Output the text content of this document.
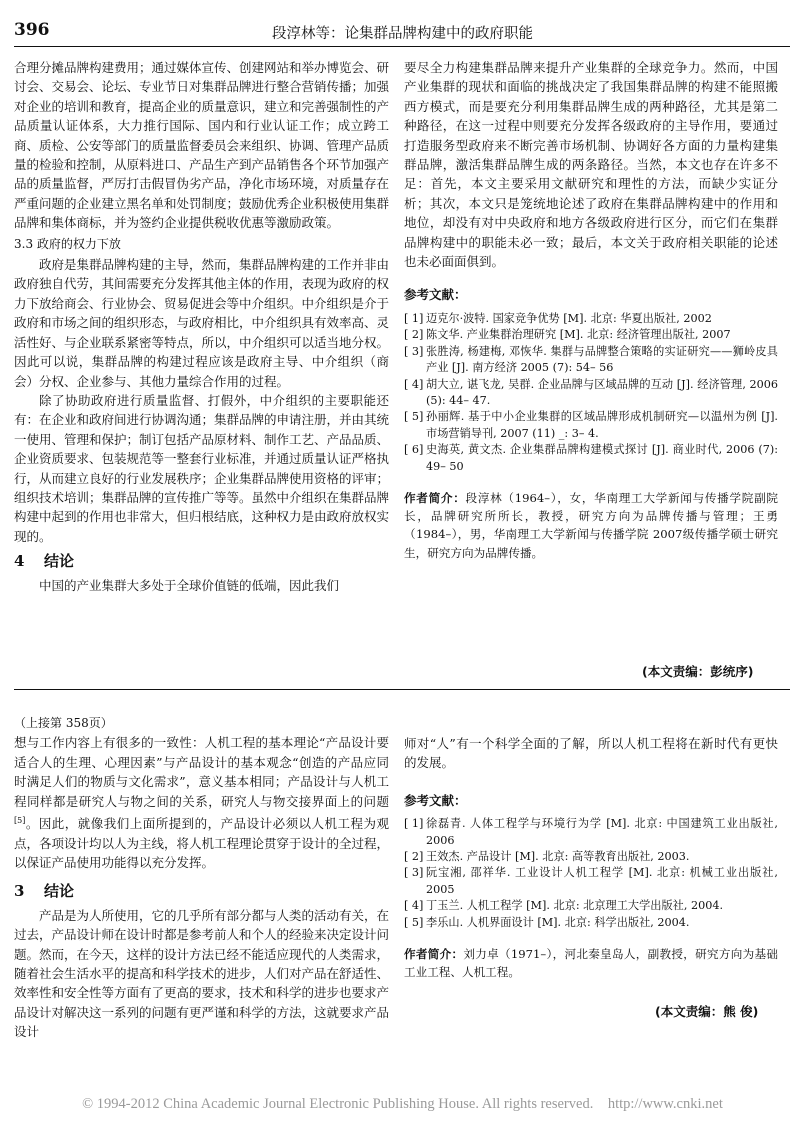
396	段淳林等：论集群品牌构建中的政府职能

合理分摊品牌构建费用；通过媒体宣传、创建网站和举办博览会、研讨会、交易会、论坛、专业节日对集群品牌进行整合营销传播；加强对企业的培训和教育，提高企业的质量意识，建立和完善强制性的产品质量认证体系，大力推行国际、国内和行业认证工作；成立跨工商、质检、公安等部门的质量监督委员会来组织、协调、管理产品质量的检验和控制，从原料进口、产品生产到产品销售各个环节加强产品的质量监督，严厉打击假冒伪劣产品，净化市场环境，对质量存在严重问题的企业建立黑名单和处罚制度；鼓励优秀企业积极使用集群品牌和集体商标，并为签约企业提供税收优惠等激励政策。

3.3 政府的权力下放

政府是集群品牌构建的主导，然而，集群品牌构建的工作并非由政府独自代劳，其间需要充分发挥其他主体的作用，表现为政府的权力下放给商会、行业协会、贸易促进会等中介组织。中介组织是介于政府和市场之间的组织形态，与政府相比，中介组织具有效率高、灵活性好、与企业联系紧密等特点，所以，中介组织可以适当地分权。因此可以说，集群品牌的构建过程应该是政府主导、中介组织（商会）分权、企业参与、其他力量综合作用的过程。

除了协助政府进行质量监督、打假外，中介组织的主要职能还有：在企业和政府间进行协调沟通；集群品牌的申请注册，并由其统一使用、管理和保护；制订包括产品原材料、制作工艺、产品品质、企业资质要求、包装规范等一整套行业标准，并通过质量认证严格执行，从而建立良好的行业发展秩序；企业集群品牌使用资格的评审；组织技术培训；集群品牌的宣传推广等等。虽然中介组织在集群品牌构建中起到的作用也非常大，但归根结底，这种权力是由政府放权实现的。

4 结论

中国的产业集群大多处于全球价值链的低端，因此我们

要尽全力构建集群品牌来提升产业集群的全球竞争力。然而，中国产业集群的现状和面临的挑战决定了我国集群品牌的构建不能照搬西方模式，而是要充分利用集群品牌生成的两种路径，尤其是第二种路径，在这一过程中则要充分发挥各级政府的主导作用，要通过打造服务型政府来不断完善市场机制、协调好各方面的力量构建集群品牌，激活集群品牌生成的两条路径。当然，本文也存在许多不足：首先，本文主要采用文献研究和理性的方法，而缺少实证分析；其次，本文只是笼统地论述了政府在集群品牌构建中的作用和地位，却没有对中央政府和地方各级政府进行区分，而它们在集群品牌构建中的职能未必一致；最后，本文关于政府相关职能的论述也未必面面俱到。

参考文献：
[ 1] 迈克尔·波特. 国家竞争优势 [M]. 北京: 华夏出版社, 2002
[ 2] 陈文华. 产业集群治理研究 [M]. 北京: 经济管理出版社, 2007
[ 3] 张胜涛, 杨建梅, 邓恢华. 集群与品牌整合策略的实证研究——狮岭皮具产业 [J]. 南方经济 2005 (7): 54– 56
[ 4] 胡大立, 谌飞龙, 吴群. 企业品牌与区域品牌的互动 [J]. 经济管理, 2006 (5): 44– 47.
[ 5] 孙丽辉. 基于中小企业集群的区域品牌形成机制研究—以温州为例 [J]. 市场营销导刊, 2007 (11) _: 3– 4.
[ 6] 史海英, 黄文杰. 企业集群品牌构建模式探讨 [J]. 商业时代, 2006 (7): 49– 50
作者简介：段淳林（1964–），女，华南理工大学新闻与传播学院副院长，品牌研究所所长，教授，研究方向为品牌传播与管理；王勇（1984–），男，华南理工大学新闻与传播学院 2007级传播学硕士研究生，研究方向为品牌传播。
(本文责编：彭统序)
（上接第 358页）

想与工作内容上有很多的一致性：人机工程的基本理论“产品设计要适合人的生理、心理因素”与产品设计的基本观念“创造的产品应同时满足人们的物质与文化需求”，意义基本相同；产品设计与人机工程同样都是研究人与物之间的关系，研究人与物交接界面上的问题[5]。因此，就像我们上面所提到的，产品设计必须以人机工程为观点，各项设计均以人为主线，将人机工程理论贯穿于设计的全过程，以保证产品使用功能得以充分发挥。

3 结论

产品是为人所使用，它的几乎所有部分都与人类的活动有关，在过去，产品设计师在设计时都是参考前人和个人的经验来决定设计问题。然而，在今天，这样的设计方法已经不能适应现代的人类需求，随着社会生活水平的提高和科学技术的进步，人们对产品在舒适性、效率性和安全性等方面有了更高的要求，技术和科学的进步也要求产品设计对解决这一系列的问题有更严谨和科学的方法，这就要求产品设计

师对“人”有一个科学全面的了解，所以人机工程将在新时代有更快的发展。

参考文献：
[ 1] 徐磊青. 人体工程学与环境行为学 [M]. 北京: 中国建筑工业出版社, 2006
[ 2] 王效杰. 产品设计 [M]. 北京: 高等教育出版社, 2003.
[ 3] 阮宝湘, 邵祥华. 工业设计人机工程学 [M]. 北京: 机械工业出版社, 2005
[ 4] 丁玉兰. 人机工程学 [M]. 北京: 北京理工大学出版社, 2004.
[ 5] 李乐山. 人机界面设计 [M]. 北京: 科学出版社, 2004.
作者简介：刘力卓（1971–），河北秦皇岛人，副教授，研究方向为基础工业工程、人机工程。
(本文责编：熊 俊)
© 1994-2012 China Academic Journal Electronic Publishing House. All rights reserved.    http://www.cnki.net
